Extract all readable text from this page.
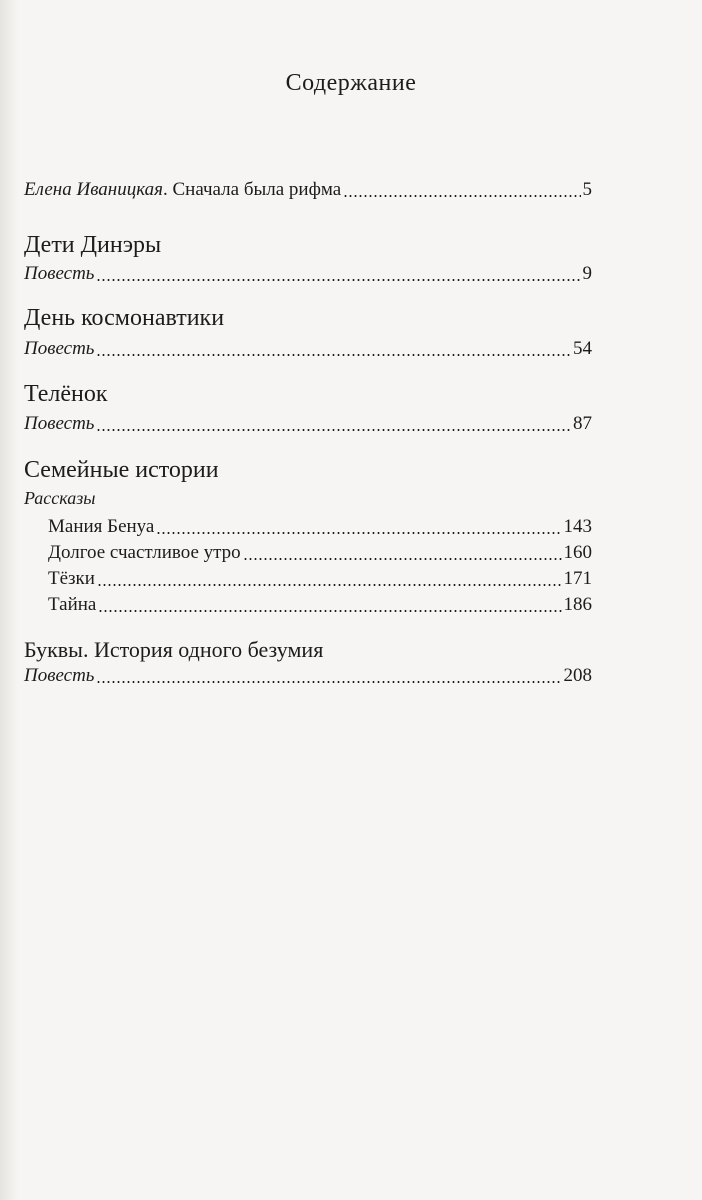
Содержание
Елена Иваницкая . Сначала была рифма	5
Дети Динэры
Повесть	9
День космонавтики
Повесть	54
Телёнок
Повесть	87
Семейные истории
Рассказы
Мания Бенуа	143
Долгое счастливое утро	160
Тёзки	171
Тайна	186
Буквы. История одного безумия
Повесть	208
